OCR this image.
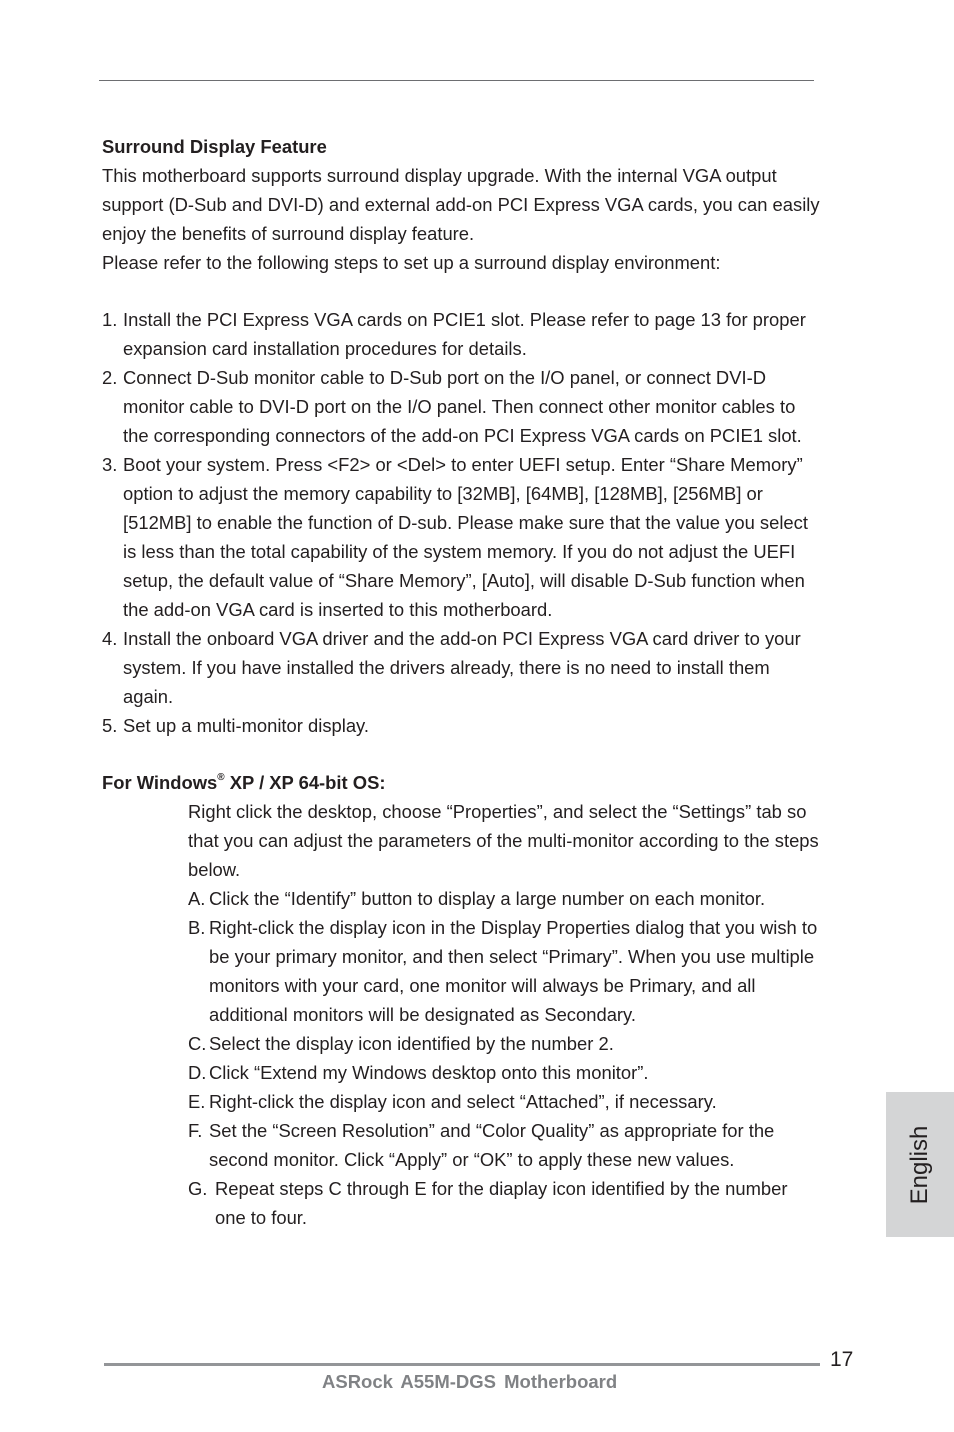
Surround Display Feature

This motherboard supports surround display upgrade. With the internal VGA output support (D-Sub and DVI-D) and external add-on PCI Express VGA cards, you can easily enjoy the benefits of surround display feature.

Please refer to the following steps to set up a surround display environment:

1. Install the PCI Express VGA cards on PCIE1 slot. Please refer to page 13 for proper expansion card installation procedures for details.
2. Connect D-Sub monitor cable to D-Sub port on the I/O panel, or connect DVI-D monitor cable to DVI-D port on the I/O panel. Then connect other monitor cables to the corresponding connectors of the add-on PCI Express VGA cards on PCIE1 slot.
3. Boot your system. Press <F2> or <Del> to enter UEFI setup. Enter “Share Memory” option to adjust the memory capability to [32MB], [64MB], [128MB], [256MB] or [512MB] to enable the function of D-sub. Please make sure that the value you select is less than the total capability of the system memory. If you do not adjust the UEFI setup, the default value of “Share Memory”, [Auto], will disable D-Sub function when the add-on VGA card is inserted to this motherboard.
4. Install the onboard VGA driver and the add-on PCI Express VGA card driver to your system. If you have installed the drivers already, there is no need to install them again.
5. Set up a multi-monitor display.

For Windows® XP / XP 64-bit OS:

Right click the desktop, choose “Properties”, and select the “Settings” tab so that you can adjust the parameters of the multi-monitor according to the steps below.

A. Click the “Identify” button to display a large number on each monitor.
B. Right-click the display icon in the Display Properties dialog that you wish to be your primary monitor, and then select “Primary”. When you use multiple monitors with your card, one monitor will always be Primary, and all additional monitors will be designated as Secondary.
C. Select the display icon identified by the number 2.
D. Click “Extend my Windows desktop onto this monitor”.
E. Right-click the display icon and select “Attached”, if necessary.
F. Set the “Screen Resolution” and “Color Quality” as appropriate for the second monitor. Click “Apply” or “OK” to apply these new values.
G. Repeat steps C through E for the diaplay icon identified by the number one to four.
English
17
ASRock A55M-DGS Motherboard
